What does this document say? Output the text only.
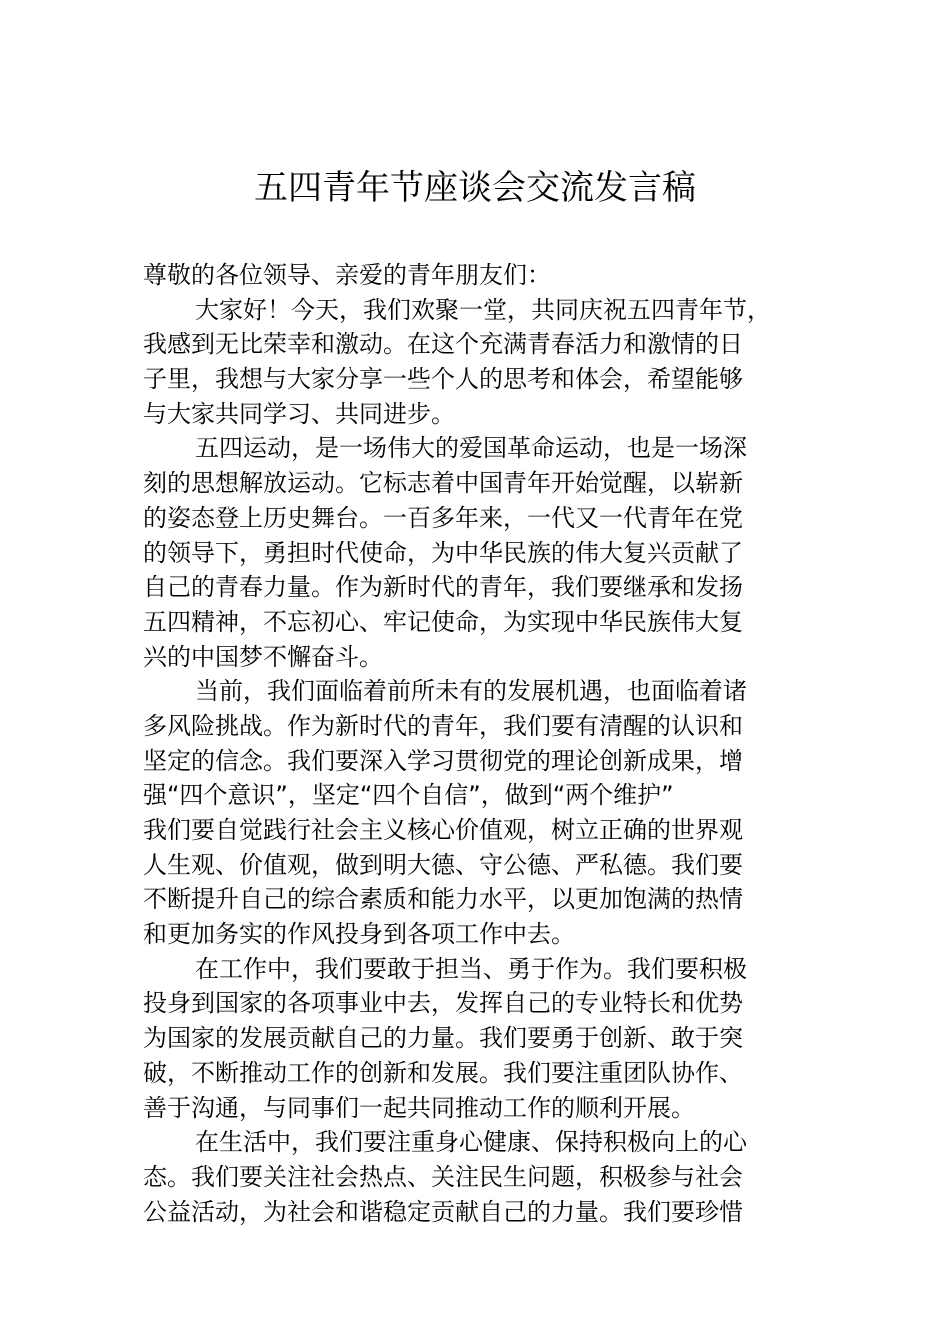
五四青年节座谈会交流发言稿
尊敬的各位领导、亲爱的青年朋友们：
大家好！今天，我们欢聚一堂，共同庆祝五四青年节，
我感到无比荣幸和激动。在这个充满青春活力和激情的日
子里，我想与大家分享一些个人的思考和体会，希望能够
与大家共同学习、共同进步。
五四运动，是一场伟大的爱国革命运动，也是一场深
刻的思想解放运动。它标志着中国青年开始觉醒，以崭新
的姿态登上历史舞台。一百多年来，一代又一代青年在党
的领导下，勇担时代使命，为中华民族的伟大复兴贡献了
自己的青春力量。作为新时代的青年，我们要继承和发扬
五四精神，不忘初心、牢记使命，为实现中华民族伟大复
兴的中国梦不懈奋斗。
当前，我们面临着前所未有的发展机遇，也面临着诸
多风险挑战。作为新时代的青年，我们要有清醒的认识和
坚定的信念。我们要深入学习贯彻党的理论创新成果，增
强“四个意识”，坚定“四个自信”，做到“两个维护”
我们要自觉践行社会主义核心价值观，树立正确的世界观
人生观、价值观，做到明大德、守公德、严私德。我们要
不断提升自己的综合素质和能力水平，以更加饱满的热情
和更加务实的作风投身到各项工作中去。
在工作中，我们要敢于担当、勇于作为。我们要积极
投身到国家的各项事业中去，发挥自己的专业特长和优势
为国家的发展贡献自己的力量。我们要勇于创新、敢于突
破，不断推动工作的创新和发展。我们要注重团队协作、
善于沟通，与同事们一起共同推动工作的顺利开展。
在生活中，我们要注重身心健康、保持积极向上的心
态。我们要关注社会热点、关注民生问题，积极参与社会
公益活动，为社会和谐稳定贡献自己的力量。我们要珍惜
